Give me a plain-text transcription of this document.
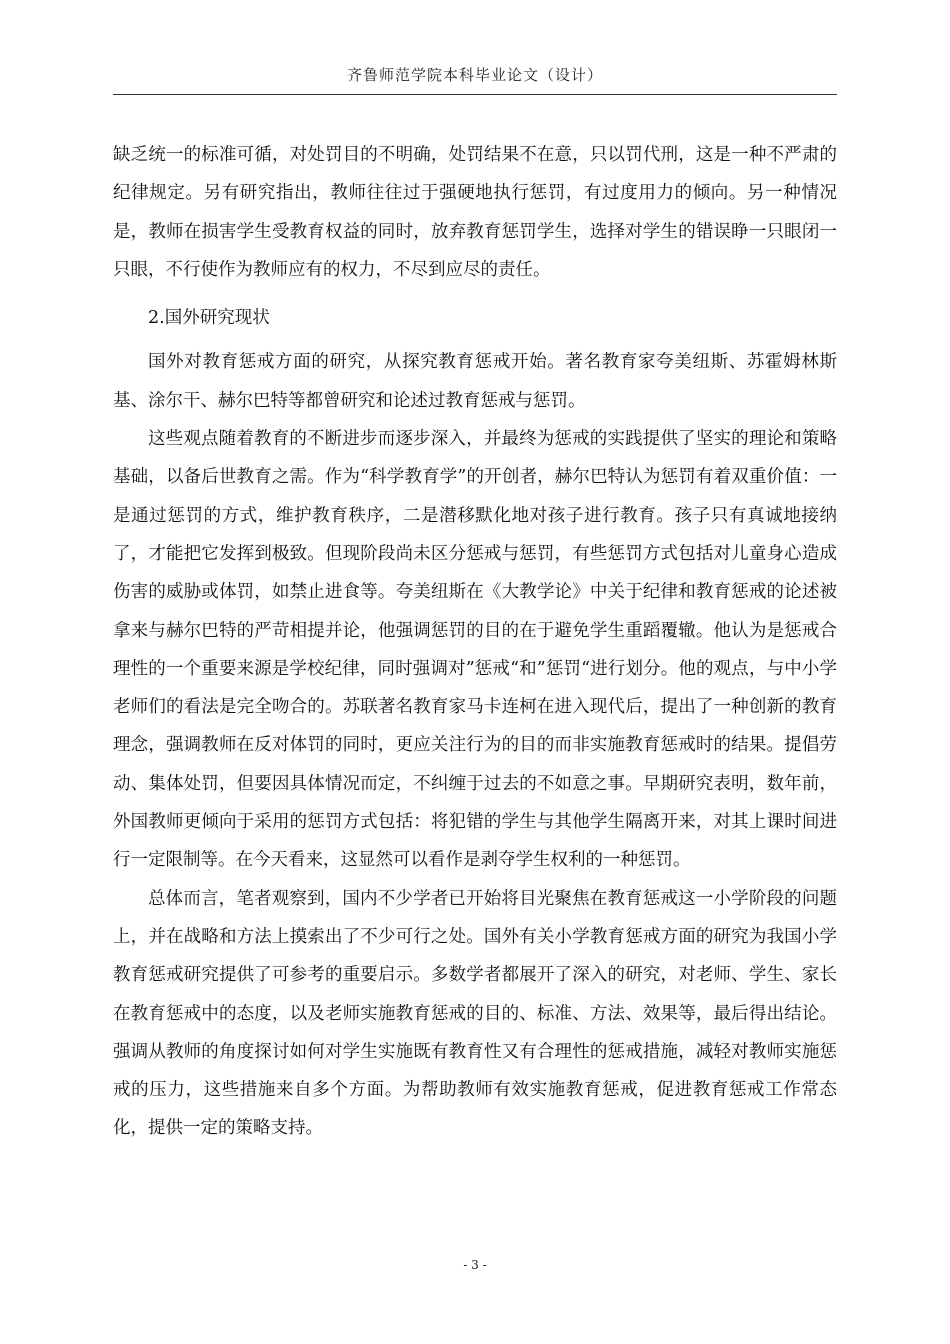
齐鲁师范学院本科毕业论文（设计）

缺乏统一的标准可循，对处罚目的不明确，处罚结果不在意，只以罚代刑，这是一种不严肃的纪律规定。另有研究指出，教师往往过于强硬地执行惩罚，有过度用力的倾向。另一种情况是，教师在损害学生受教育权益的同时，放弃教育惩罚学生，选择对学生的错误睁一只眼闭一只眼，不行使作为教师应有的权力，不尽到应尽的责任。

2.国外研究现状

国外对教育惩戒方面的研究，从探究教育惩戒开始。著名教育家夸美纽斯、苏霍姆林斯基、涂尔干、赫尔巴特等都曾研究和论述过教育惩戒与惩罚。

这些观点随着教育的不断进步而逐步深入，并最终为惩戒的实践提供了坚实的理论和策略基础，以备后世教育之需。作为“科学教育学”的开创者，赫尔巴特认为惩罚有着双重价值：一是通过惩罚的方式，维护教育秩序，二是潜移默化地对孩子进行教育。孩子只有真诚地接纳了，才能把它发挥到极致。但现阶段尚未区分惩戒与惩罚，有些惩罚方式包括对儿童身心造成伤害的威胁或体罚，如禁止进食等。夸美纽斯在《大教学论》中关于纪律和教育惩戒的论述被拿来与赫尔巴特的严苛相提并论，他强调惩罚的目的在于避免学生重蹈覆辙。他认为是惩戒合理性的一个重要来源是学校纪律，同时强调对”惩戒“和”惩罚“进行划分。他的观点，与中小学老师们的看法是完全吻合的。苏联著名教育家马卡连柯在进入现代后，提出了一种创新的教育理念，强调教师在反对体罚的同时，更应关注行为的目的而非实施教育惩戒时的结果。提倡劳动、集体处罚，但要因具体情况而定，不纠缠于过去的不如意之事。早期研究表明，数年前，外国教师更倾向于采用的惩罚方式包括：将犯错的学生与其他学生隔离开来，对其上课时间进行一定限制等。在今天看来，这显然可以看作是剥夺学生权利的一种惩罚。

总体而言，笔者观察到，国内不少学者已开始将目光聚焦在教育惩戒这一小学阶段的问题上，并在战略和方法上摸索出了不少可行之处。国外有关小学教育惩戒方面的研究为我国小学教育惩戒研究提供了可参考的重要启示。多数学者都展开了深入的研究，对老师、学生、家长在教育惩戒中的态度，以及老师实施教育惩戒的目的、标准、方法、效果等，最后得出结论。强调从教师的角度探讨如何对学生实施既有教育性又有合理性的惩戒措施，减轻对教师实施惩戒的压力，这些措施来自多个方面。为帮助教师有效实施教育惩戒，促进教育惩戒工作常态化，提供一定的策略支持。

- 3 -
